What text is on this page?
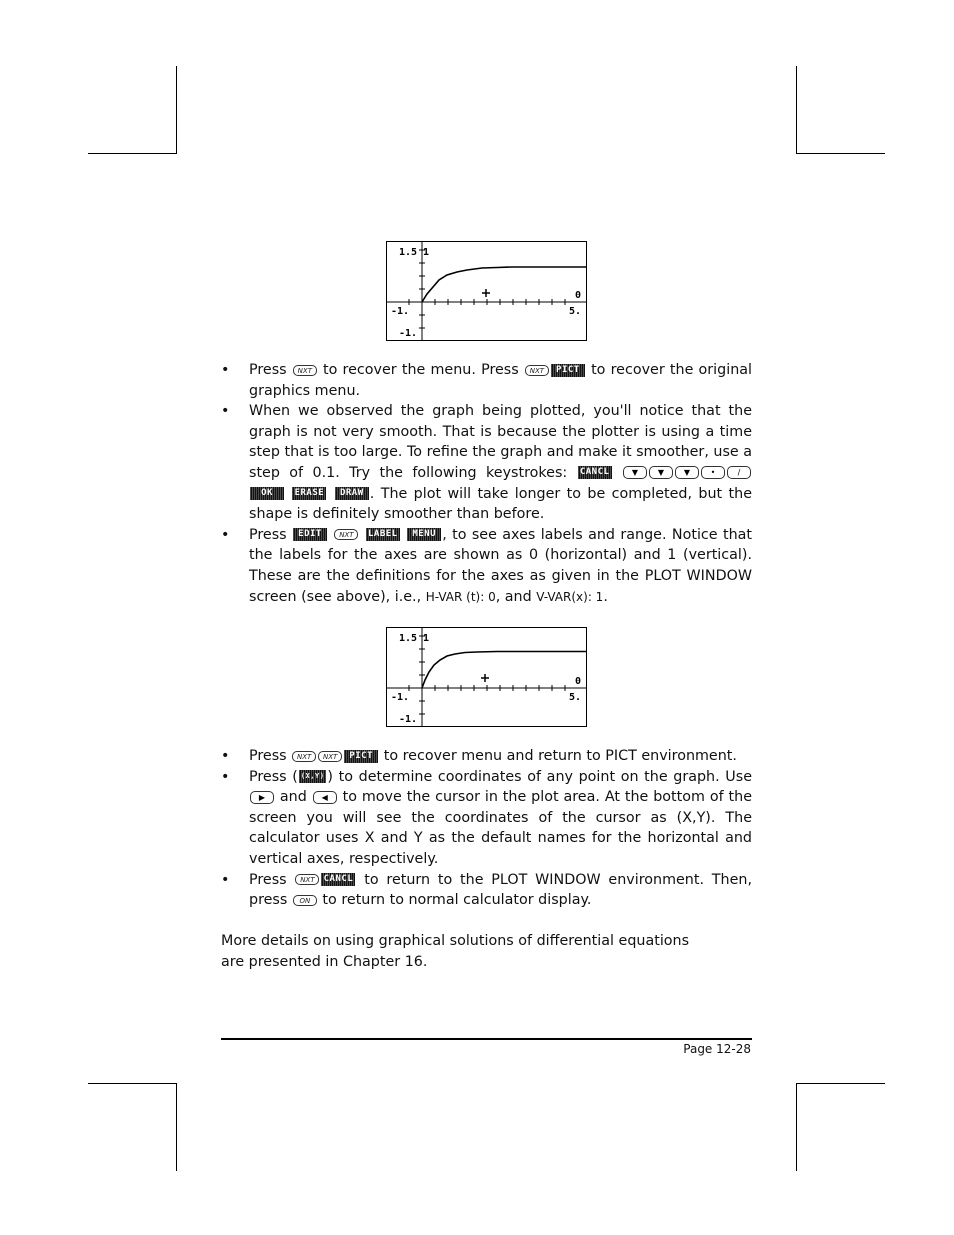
1.5 1
0
-1.	5.
-1.
• Press NXT to recover the menu. Press NXT PICT to recover the original graphics menu.
• When we observed the graph being plotted, you'll notice that the graph is not very smooth. That is because the plotter is using a time step that is too large. To refine the graph and make it smoother, use a step of 0.1. Try the following keystrokes: CANCL	▼ ▼ ▼	•	/ OK ERASE DRAW . The plot will take longer to be completed, but the shape is definitely smoother than before.
• Press EDIT NXT LABEL MENU , to see axes labels and range. Notice that the labels for the axes are shown as 0 (horizontal) and 1 (vertical). These are the definitions for the axes as given in the PLOT WINDOW screen (see above), i.e., H-VAR (t): 0, and V-VAR(x): 1.
1.5 1
0
-1.	5.
-1.
• Press NXT NXT PICT to recover menu and return to PICT environment.
• Press ( (X,Y) ) to determine coordinates of any point on the graph. Use ▶ and ◀ to move the cursor in the plot area. At the bottom of the screen you will see the coordinates of the cursor as (X,Y). The calculator uses X and Y as the default names for the horizontal and vertical axes, respectively.
• Press NXT CANCL to return to the PLOT WINDOW environment. Then, press ON to return to normal calculator display.
More details on using graphical solutions of differential equations are presented in Chapter 16.
Page 12-28
